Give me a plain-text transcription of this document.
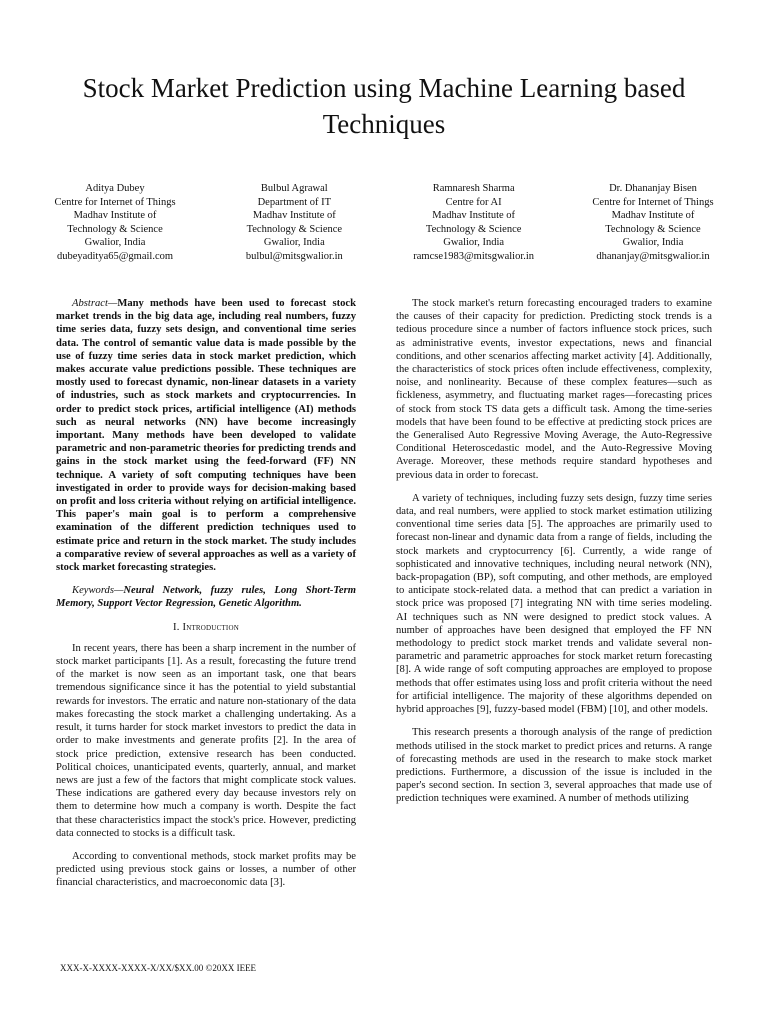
Stock Market Prediction using Machine Learning based Techniques
Aditya Dubey
Centre for Internet of Things
Madhav Institute of
Technology & Science
Gwalior, India
dubeyaditya65@gmail.com
Bulbul Agrawal
Department of IT
Madhav Institute of
Technology & Science
Gwalior, India
bulbul@mitsgwalior.in
Ramnaresh Sharma
Centre for AI
Madhav Institute of
Technology & Science
Gwalior, India
ramcse1983@mitsgwalior.in
Dr. Dhananjay Bisen
Centre for Internet of Things
Madhav Institute of
Technology & Science
Gwalior, India
dhananjay@mitsgwalior.in

Abstract—Many methods have been used to forecast stock market trends in the big data age, including real numbers, fuzzy time series data, fuzzy sets design, and conventional time series data. The control of semantic value data is made possible by the use of fuzzy time series data in stock market prediction, which makes accurate value predictions possible. These techniques are mostly used to forecast dynamic, non-linear datasets in a variety of industries, such as stock markets and cryptocurrencies. In order to predict stock prices, artificial intelligence (AI) methods such as neural networks (NN) have become increasingly important. Many methods have been developed to validate parametric and non-parametric theories for predicting trends and gains in the stock market using the feed-forward (FF) NN technique. A variety of soft computing techniques have been investigated in order to provide ways for decision-making based on profit and loss criteria without relying on artificial intelligence. This paper's main goal is to perform a comprehensive examination of the different prediction techniques used to estimate price and return in the stock market. The study includes a comparative review of several approaches as well as a variety of stock market forecasting strategies.

Keywords—Neural Network, fuzzy rules, Long Short-Term Memory, Support Vector Regression, Genetic Algorithm.

I. Introduction

In recent years, there has been a sharp increment in the number of stock market participants [1]. As a result, forecasting the future trend of the market is now seen as an important task, one that bears tremendous significance since it has the potential to yield substantial rewards for investors. The erratic and nature non-stationary of the data makes forecasting the stock market a challenging undertaking. As a result, it turns harder for stock market investors to predict the data in order to make investments and generate profits [2]. In the area of stock price prediction, extensive research has been conducted. Political choices, unanticipated events, quarterly, annual, and market news are just a few of the factors that might complicate stock values. These indications are gathered every day because investors rely on them to determine how much a company is worth. Despite the fact that these characteristics impact the stock's price. However, predicting data connected to stocks is a difficult task.

According to conventional methods, stock market profits may be predicted using previous stock gains or losses, a number of other financial characteristics, and macroeconomic data [3].

The stock market's return forecasting encouraged traders to examine the causes of their capacity for prediction. Predicting stock trends is a tedious procedure since a number of factors influence stock prices, such as administrative events, investor expectations, news and financial conditions, and other scenarios affecting market activity [4]. Additionally, the characteristics of stock prices often include effectiveness, complexity, noise, and nonlinearity. Because of these complex features—such as fickleness, asymmetry, and fluctuating market rages—forecasting prices of stock from stock TS data gets a difficult task. Among the time-series models that have been found to be effective at predicting stock prices are the Generalised Auto Regressive Moving Average, the Auto-Regressive Conditional Heteroscedastic model, and the Auto-Regressive Moving Average. Moreover, these methods require standard hypotheses and previous data in order to forecast.

A variety of techniques, including fuzzy sets design, fuzzy time series data, and real numbers, were applied to stock market estimation utilizing conventional time series data [5]. The approaches are primarily used to forecast non-linear and dynamic data from a range of fields, including the stock markets and cryptocurrency [6]. Currently, a wide range of sophisticated and innovative techniques, including neural network (NN), back-propagation (BP), soft computing, and other methods, are employed to anticipate stock-related data. a method that can predict a variation in stock price was proposed [7] integrating NN with time series modeling. AI techniques such as NN were designed to predict stock values. A number of approaches have been designed that employed the FF NN methodology to predict stock market trends and validate several non-parametric and parametric approaches for stock market return forecasting [8]. A wide range of soft computing approaches are employed to propose methods that offer estimates using loss and profit criteria without the need for artificial intelligence. The majority of these algorithms depended on hybrid approaches [9], fuzzy-based model (FBM) [10], and other models.

This research presents a thorough analysis of the range of prediction methods utilised in the stock market to predict prices and returns. A range of forecasting methods are used in the research to make stock market predictions. Furthermore, a discussion of the issue is included in the paper's second section. In section 3, several approaches that made use of prediction techniques were examined. A number of methods utilizing

XXX-X-XXXX-XXXX-X/XX/$XX.00 ©20XX IEEE
